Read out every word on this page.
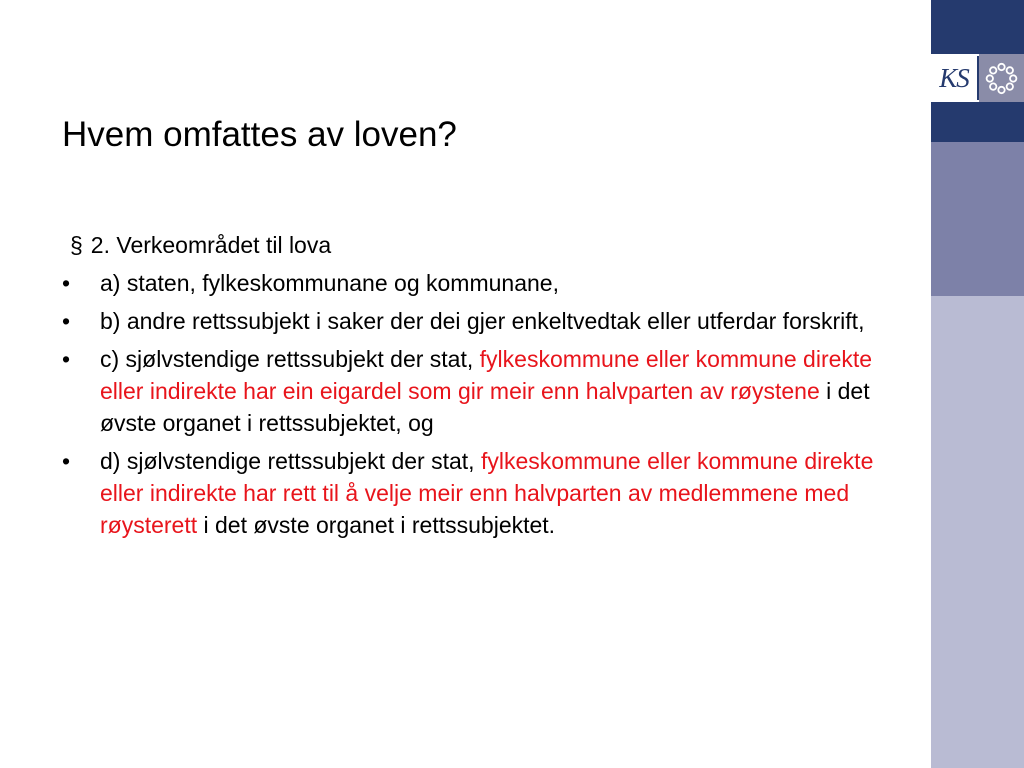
KS
Hvem omfattes av loven?
§ 2. Verkeområdet til lova
•	a) staten, fylkeskommunane og kommunane,
•	b) andre rettssubjekt i saker der dei gjer enkeltvedtak eller utferdar forskrift,
•	c) sjølvstendige rettssubjekt der stat, fylkeskommune eller kommune direkte eller indirekte har ein eigardel som gir meir enn halvparten av røystene i det øvste organet i rettssubjektet, og
•	d) sjølvstendige rettssubjekt der stat, fylkeskommune eller kommune direkte eller indirekte har rett til å velje meir enn halvparten av medlemmene med røysterett i det øvste organet i rettssubjektet.
